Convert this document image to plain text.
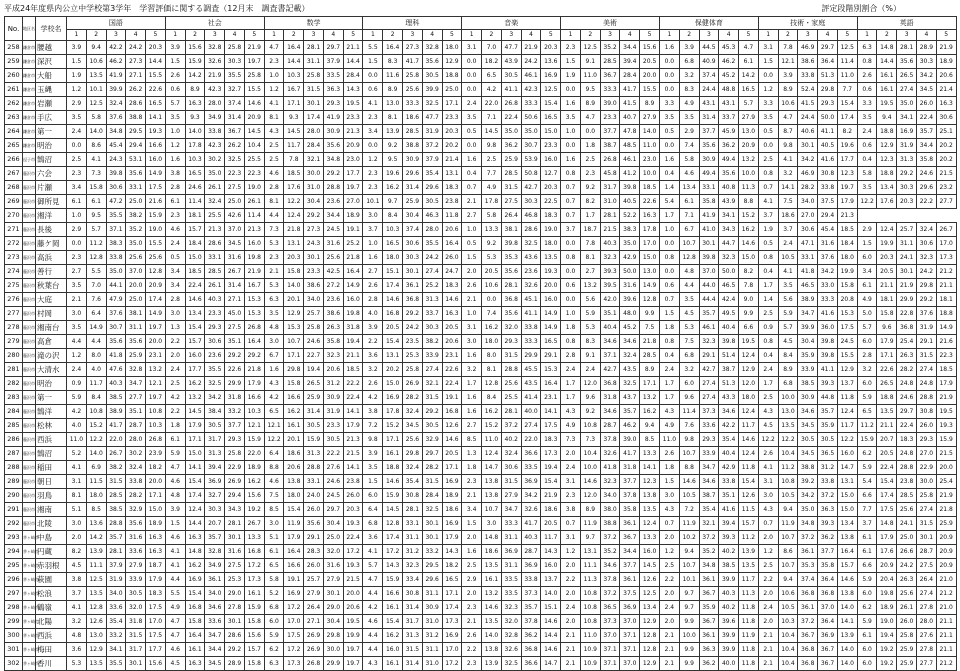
平成24年度県内公立中学校第3学年　学習評価に関する調査（12月末　調査書記載）	評定段階別割合（%）
No.	地区名	学校名	国語					社会					数学					理科					音楽					美術					保健体育					技術・家庭					英語				
			1	2	3	4	5	1	2	3	4	5	1	2	3	4	5	1	2	3	4	5	1	2	3	4	5	1	2	3	4	5	1	2	3	4	5	1	2	3	4	5	1	2	3	4	5
258	鎌倉市	腰越	3.9	9.4	42.2	24.2	20.3	3.9	15.6	32.8	25.8	21.9	4.7	16.4	28.1	29.7	21.1	5.5	16.4	27.3	32.8	18.0	3.1	7.0	47.7	21.9	20.3	2.3	12.5	35.2	34.4	15.6	1.6	3.9	44.5	45.3	4.7	3.1	7.8	46.9	29.7	12.5	6.3	14.8	28.1	28.9	21.9
259	鎌倉市	深沢	1.5	10.6	46.2	27.3	14.4	1.5	15.9	32.6	30.3	19.7	2.3	14.4	31.1	37.9	14.4	1.5	8.3	41.7	35.6	12.9	0.0	18.2	43.9	24.2	13.6	1.5	9.1	28.5	39.4	20.5	0.0	6.8	40.9	46.2	6.1	1.5	12.1	38.6	36.4	11.4	0.8	14.4	35.6	30.3	18.9
260	鎌倉市	大船	1.9	13.5	41.9	27.1	15.5	2.6	14.2	21.9	35.5	25.8	1.0	10.3	25.8	33.5	28.4	0.0	11.6	25.8	30.5	18.8	0.0	6.5	30.5	46.1	16.9	1.9	11.0	36.7	28.4	20.0	0.0	3.2	37.4	45.2	14.2	0.0	3.9	33.8	51.3	11.0	2.6	16.1	26.5	34.2	20.6
261	鎌倉市	玉縄	1.2	10.1	39.9	26.2	22.6	0.6	8.9	42.3	32.7	15.5	1.2	16.7	31.5	36.3	14.3	0.6	8.9	25.6	39.9	25.0	0.0	4.2	41.1	42.3	12.5	0.0	9.5	33.3	41.7	15.5	0.0	8.3	24.4	48.8	16.5	1.2	8.9	52.4	29.8	7.7	0.6	16.1	27.4	34.5	21.4
262	鎌倉市	岩瀬	2.9	12.5	32.4	28.6	16.5	5.7	16.3	28.0	37.4	14.6	4.1	17.1	30.1	29.3	19.5	4.1	13.0	33.3	32.5	17.1	2.4	22.0	26.8	33.3	15.4	1.6	8.9	39.0	41.5	8.9	3.3	4.9	43.1	43.1	5.7	3.3	10.6	41.5	29.3	15.4	3.3	19.5	35.0	26.0	16.3
263	鎌倉市	手広	3.5	5.8	37.6	38.8	14.1	3.5	9.3	34.9	31.4	20.9	8.1	9.3	17.4	41.9	23.3	2.3	8.1	18.6	47.7	23.3	3.5	7.1	22.4	50.6	16.5	3.5	4.7	23.3	40.7	27.9	3.5	3.5	31.4	33.7	27.9	3.5	4.7	24.4	50.0	17.4	3.5	9.4	34.1	22.4	30.6
264	鎌倉市	第一	2.4	14.0	34.8	29.5	19.3	1.0	14.0	33.8	36.7	14.5	4.3	14.5	28.0	30.9	21.3	3.4	13.9	28.5	31.9	20.3	0.5	14.5	35.0	35.0	15.0	1.0	0.0	37.7	47.8	14.0	0.5	2.9	37.7	45.9	13.0	0.5	8.7	40.6	41.1	8.2	2.4	18.8	16.9	35.7	25.1
265	鎌倉市	明治	0.0	8.6	45.4	29.4	16.6	1.2	17.8	42.3	26.2	10.4	2.5	11.7	28.4	35.6	20.9	0.0	9.2	38.8	37.2	20.2	0.0	9.8	36.2	30.7	23.3	0.0	1.8	38.7	48.5	11.0	0.0	7.4	35.6	36.2	20.9	0.0	9.8	30.1	40.5	19.6	0.6	12.9	31.9	34.4	20.2
266	逗子市	鵠沼	2.5	4.1	24.3	53.1	16.0	1.6	10.3	30.2	32.5	25.5	2.5	7.8	32.1	34.8	23.0	1.2	9.5	30.9	37.9	21.4	1.6	2.5	25.9	53.9	16.0	1.6	2.5	26.8	46.1	23.0	1.6	5.8	30.9	49.4	13.2	2.5	4.1	34.2	41.6	17.7	0.4	12.3	31.3	35.8	20.2
267	藤沢市	六会	2.3	7.3	39.8	35.6	14.9	3.8	16.5	35.0	22.3	22.3	4.6	18.5	30.0	29.2	17.7	2.3	19.6	29.6	35.4	13.1	0.4	7.7	28.5	50.8	12.7	0.8	2.3	45.8	41.2	10.0	0.4	4.6	49.4	35.6	10.0	0.8	3.2	46.9	30.8	12.3	5.8	18.8	29.2	24.6	21.5
268	藤沢市	片瀬	3.4	15.8	30.6	33.1	17.5	2.8	24.6	26.1	27.5	19.0	2.8	17.6	31.0	28.8	19.7	2.3	16.2	31.4	29.6	18.3	0.7	4.9	31.5	42.7	20.3	0.7	9.2	31.7	39.8	18.5	1.4	13.4	33.1	40.8	11.3	0.7	14.1	28.2	33.8	19.7	3.5	13.4	30.3	29.6	23.2
269	藤沢市	御所見	6.1	6.1	47.2	25.0	21.6	6.1	11.4	32.4	25.0	26.1	8.1	12.2	30.4	23.6	27.0	10.1	9.7	25.9	30.5	23.8	2.1	17.8	27.5	30.3	22.5	0.7	8.2	31.0	40.5	22.6	5.4	6.1	35.8	43.9	8.8	4.1	7.5	34.0	37.5	17.9	12.2	17.6	20.3	22.2	27.7
270	藤沢市	湘洋	1.0	9.5	35.5	38.2	15.9	2.3	18.1	25.5	42.6	11.4	4.4	12.4	29.2	34.4	18.9	3.0	8.4	30.4	46.3	11.8	2.7	5.8	26.4	46.8	18.3	0.7	1.7	28.1	52.2	16.3	1.7	7.1	41.9	34.1	15.2	3.7	18.6	27.0	29.4	21.3					
271	藤沢市	長後	2.9	5.7	37.1	35.2	19.0	4.6	15.7	21.3	37.0	21.3	7.3	21.8	27.3	24.5	19.1	3.7	10.3	37.4	28.0	20.6	1.0	13.3	38.1	28.6	19.0	3.7	18.7	21.5	38.3	17.8	1.0	6.7	41.0	34.3	16.2	1.9	3.7	30.6	45.4	18.5	2.9	12.4	25.7	32.4	26.7
272	藤沢市	藤ケ岡	0.0	11.2	38.3	35.0	15.5	2.4	18.4	28.6	34.5	16.0	5.3	13.1	24.3	31.6	25.2	1.0	16.5	30.6	35.5	16.4	0.5	9.2	39.8	32.5	18.0	0.0	7.8	40.3	35.0	17.0	0.0	10.7	30.1	44.7	14.6	0.5	2.4	47.1	31.6	18.4	1.5	19.9	31.1	30.6	17.0
273	藤沢市	高浜	2.3	12.8	33.8	25.6	25.6	0.5	15.0	33.1	31.6	19.8	2.3	20.3	30.1	25.6	21.8	1.6	18.0	30.3	24.2	26.0	1.5	5.3	35.3	43.6	13.5	0.8	8.1	32.3	42.9	15.0	0.8	12.8	39.8	32.3	15.0	0.8	10.5	33.1	37.6	18.0	6.0	20.3	24.1	32.3	17.3
274	藤沢市	善行	2.7	5.5	35.0	37.0	12.8	3.4	18.5	28.5	26.7	21.9	2.1	15.8	23.3	42.5	16.4	2.7	15.1	30.1	27.4	24.7	2.0	20.5	35.6	23.6	19.3	0.0	2.7	39.3	50.0	13.0	0.0	4.8	37.0	50.0	8.2	0.4	4.1	41.8	34.2	19.9	3.4	20.5	30.1	24.2	21.2
275	藤沢市	秋葉台	3.5	7.0	44.1	20.0	20.9	3.4	22.4	26.1	31.4	16.7	5.3	14.0	38.6	27.2	14.9	2.6	17.4	36.1	25.2	18.3	2.6	10.6	28.1	32.6	20.0	0.6	13.2	39.5	31.6	14.9	0.6	4.4	44.0	46.5	7.8	1.7	3.5	46.5	33.0	15.8	6.1	21.1	21.9	29.8	21.1
276	藤沢市	大庭	2.1	7.6	47.9	25.0	17.4	2.8	14.6	40.3	27.1	15.3	6.3	20.1	34.0	23.6	16.0	2.8	14.6	36.8	31.3	14.6	2.1	0.0	36.8	45.1	16.0	0.0	5.6	42.0	39.6	12.8	0.7	3.5	44.4	42.4	9.0	1.4	5.6	38.9	33.3	20.8	4.9	18.1	29.9	29.2	18.1
277	藤沢市	村岡	3.0	6.4	37.6	38.1	14.9	3.0	13.4	23.3	45.0	15.3	3.5	12.9	25.7	38.6	19.8	4.0	16.8	29.2	33.7	16.3	1.0	7.4	35.6	41.1	14.9	1.0	5.9	35.1	48.0	9.9	1.5	4.5	35.7	49.5	9.9	2.5	5.9	34.7	41.6	15.3	5.0	15.8	22.8	37.6	18.8
278	藤沢市	湘南台	3.5	14.9	30.7	31.1	19.7	1.3	15.4	29.3	27.5	26.8	4.8	15.3	25.8	26.3	31.8	3.9	20.5	24.2	30.3	20.5	3.1	16.2	32.0	33.8	14.9	1.8	5.3	40.4	45.2	7.5	1.8	5.3	46.1	40.4	6.6	0.9	5.7	39.9	36.0	17.5	5.7	9.6	36.8	31.9	14.9
279	藤沢市	高倉	4.4	4.4	35.6	35.6	20.0	2.2	15.7	30.6	35.1	16.4	3.0	10.7	24.6	35.8	19.4	2.2	15.4	23.5	38.2	20.6	3.0	18.0	29.3	33.3	16.5	0.8	8.3	34.6	34.6	21.8	0.8	7.5	32.3	39.8	19.5	0.8	4.5	30.4	39.8	24.5	6.0	17.9	25.4	29.1	21.6
280	藤沢市	滝の沢	1.2	8.0	41.8	25.9	23.1	2.0	16.0	23.6	29.2	29.2	6.7	17.1	22.7	32.3	21.1	3.6	13.1	25.3	33.9	23.1	1.6	8.0	31.5	29.9	29.1	2.8	9.1	37.1	32.4	28.5	0.4	6.8	29.1	51.4	12.4	0.4	8.4	35.9	39.8	15.5	2.8	17.1	26.3	31.5	22.3
281	藤沢市	大清水	2.4	4.0	47.6	32.8	13.2	2.4	17.7	35.5	22.6	21.8	1.6	29.8	19.4	20.6	18.5	3.2	20.2	25.8	27.4	22.6	3.2	8.1	28.8	45.5	15.3	2.4	2.4	42.7	43.5	8.9	2.4	3.2	42.7	38.7	12.9	2.4	8.9	33.9	41.1	12.9	3.2	22.6	28.2	27.4	18.5
282	藤沢市	明治	0.9	11.7	40.3	34.7	12.1	2.5	16.2	32.5	29.9	17.9	4.3	15.8	26.5	31.2	22.2	2.6	15.0	26.9	32.1	22.4	1.7	12.8	25.6	43.5	16.4	1.7	12.0	36.8	32.5	17.1	1.7	6.0	27.4	51.3	12.0	1.7	6.8	38.5	39.3	13.7	6.0	26.5	24.8	24.8	17.9
283	藤沢市	第一	5.9	8.4	38.5	27.7	19.7	4.2	13.2	34.2	31.8	16.6	4.2	16.6	25.9	30.9	22.4	4.2	16.9	28.2	31.5	19.1	1.6	8.4	25.5	41.4	23.1	1.7	9.6	31.8	43.7	13.2	1.7	9.6	27.4	43.3	18.0	2.5	10.0	30.9	44.8	11.8	5.9	18.8	24.6	28.8	21.9
284	藤沢市	鵠洋	4.2	10.8	38.9	35.1	10.8	2.2	14.5	38.4	33.2	10.3	6.5	16.2	31.4	31.9	14.1	3.8	17.8	32.4	29.2	16.8	1.6	16.2	28.1	40.0	14.1	4.3	9.2	34.6	35.7	16.2	4.3	11.4	37.3	34.6	12.4	4.3	13.0	34.6	35.7	12.4	6.5	13.5	29.7	30.8	19.5
285	藤沢市	松林	4.0	15.2	41.7	28.7	10.3	1.8	17.9	30.5	37.7	12.1	12.1	16.1	30.5	23.3	17.9	7.2	15.2	34.5	30.5	12.6	2.7	15.2	37.2	27.4	17.5	4.9	10.8	28.7	46.2	9.4	4.9	7.6	33.6	42.2	11.7	4.5	13.5	34.5	35.9	11.7	11.2	21.1	22.4	26.0	19.3
286	藤沢市	西浜	11.0	12.2	22.0	28.0	26.8	6.1	17.1	31.7	29.3	15.9	12.2	20.1	15.9	30.5	21.3	9.8	17.1	25.6	32.9	14.6	8.5	11.0	40.2	22.0	18.3	7.3	7.3	37.8	39.0	8.5	11.0	9.8	29.3	35.4	14.6	12.2	12.2	30.5	30.5	12.2	15.9	20.7	18.3	29.3	15.9
287	藤沢市	鵠沼	5.2	14.0	26.7	30.2	23.9	5.9	15.0	31.3	25.8	22.0	6.4	18.6	31.3	22.2	21.5	3.9	16.1	29.8	29.7	20.5	1.3	12.4	32.4	36.6	17.3	2.0	10.4	32.6	41.7	13.3	2.6	10.7	33.9	40.4	12.4	2.6	10.4	34.5	36.5	16.0	6.2	20.5	24.8	27.0	21.5
288	藤沢市	稲田	4.1	6.9	38.2	32.4	18.2	4.7	14.1	39.4	22.9	18.9	8.8	20.6	28.8	27.6	14.1	3.5	18.8	32.4	28.2	17.1	1.8	14.7	30.6	33.5	19.4	2.4	10.0	41.8	31.8	14.1	1.8	8.8	34.7	42.9	11.8	4.1	11.2	38.8	31.2	14.7	5.9	22.4	28.8	22.9	20.0
289	藤沢市	朝日	3.1	11.5	31.5	33.8	20.0	4.6	15.4	36.9	26.9	16.2	4.6	13.8	33.1	24.6	23.8	1.5	14.6	35.4	31.5	16.9	2.3	13.8	31.5	36.9	15.4	3.1	14.6	32.3	37.7	12.3	1.5	14.6	34.6	33.8	15.4	3.1	10.8	39.2	33.8	13.1	5.4	15.4	23.8	30.0	25.4
290	藤沢市	羽鳥	8.1	18.0	28.5	28.2	17.1	4.8	17.4	32.7	29.4	15.6	7.5	18.0	24.0	24.5	26.0	6.0	15.9	30.8	28.4	18.9	2.1	13.8	27.9	34.2	21.9	2.3	12.0	34.0	37.8	13.8	3.0	10.5	38.7	35.1	12.6	3.0	10.5	34.2	37.2	15.0	6.6	17.4	28.5	25.8	21.9
291	藤沢市	湘南	5.1	8.5	38.5	32.9	15.0	3.9	12.4	30.3	34.3	19.2	8.5	15.4	26.0	29.7	20.3	6.4	14.5	28.1	32.5	18.6	3.4	10.7	34.7	32.6	18.6	3.8	8.9	38.0	35.8	13.5	4.3	7.2	35.4	41.6	11.5	4.3	9.4	35.0	36.3	15.0	7.7	17.5	25.6	27.4	21.8
292	藤沢市	北陵	3.0	13.6	28.8	35.6	18.9	1.5	14.4	20.7	28.1	26.7	3.0	11.9	35.6	30.4	19.3	6.8	12.8	33.1	30.1	16.9	1.5	3.0	33.3	41.7	20.5	0.7	11.9	38.8	36.1	12.4	0.7	11.9	32.1	39.4	15.7	0.7	11.9	34.8	39.3	13.4	3.7	14.8	24.1	31.5	25.9
293	茅ヶ崎市	中島	2.0	14.2	35.7	31.6	16.3	4.6	16.3	35.7	30.1	13.3	5.1	17.9	29.1	25.0	22.4	3.6	17.4	31.1	30.1	17.9	2.0	14.8	31.1	40.3	11.7	3.1	9.7	37.2	36.7	13.3	2.0	10.2	37.2	39.3	11.2	2.0	10.7	37.2	36.2	13.8	6.1	17.9	25.0	30.1	20.9
294	茅ヶ崎市	円蔵	8.2	13.9	28.1	33.6	16.3	4.1	14.8	32.8	31.6	16.8	6.1	16.4	28.3	32.0	17.2	4.1	17.2	31.2	33.2	14.3	1.6	18.6	36.9	28.7	14.3	1.2	13.1	35.2	34.4	16.0	1.2	9.4	35.2	40.2	13.9	1.2	8.6	36.1	37.7	16.4	6.1	17.6	26.6	28.7	20.9
295	茅ヶ崎市	赤羽根	4.5	11.1	37.9	27.9	18.7	4.1	16.2	34.9	27.5	17.2	6.5	16.6	26.0	31.6	19.3	5.7	14.3	32.3	29.5	18.2	2.5	13.5	31.1	36.9	16.0	2.0	11.1	34.6	37.7	14.5	2.5	10.7	34.8	38.5	13.5	2.5	10.7	35.3	35.8	15.7	6.6	20.9	24.2	27.5	20.9
296	茅ヶ崎市	萩園	3.8	12.5	31.9	33.9	17.9	4.4	16.9	36.1	25.3	17.3	5.8	19.1	25.7	27.9	21.5	4.7	15.9	33.4	29.6	16.5	2.9	16.1	33.5	33.8	13.7	2.2	11.3	37.8	36.1	12.6	2.2	10.1	36.1	39.9	11.7	2.2	9.4	37.4	36.4	14.6	5.9	20.4	26.3	26.4	21.0
297	茅ヶ崎市	松浪	3.7	13.5	34.0	30.5	18.3	5.5	15.4	34.0	29.0	16.1	5.2	16.9	27.9	30.1	20.0	4.4	16.6	30.8	31.1	17.1	2.0	13.2	33.5	37.3	14.0	2.0	10.8	37.2	37.5	12.5	2.0	9.7	36.7	40.3	11.3	2.0	10.6	36.8	36.8	13.8	6.0	19.8	25.6	27.4	21.2
298	茅ヶ崎市	鶴嶺	4.1	12.8	33.6	32.0	17.5	4.9	16.8	34.6	27.8	15.9	6.8	17.2	26.4	29.0	20.6	4.2	16.1	31.4	30.9	17.4	2.3	14.6	32.3	35.7	15.1	2.4	10.8	36.5	36.9	13.4	2.4	9.7	35.9	40.2	11.8	2.4	10.5	36.1	37.0	14.0	6.2	18.9	26.1	27.8	21.0
299	茅ヶ崎市	北陽	3.2	12.6	35.4	31.8	17.0	4.7	15.8	33.6	30.1	15.8	6.0	17.0	27.1	30.4	19.5	4.6	15.4	31.7	31.0	17.3	2.1	13.5	32.0	37.8	14.6	2.0	10.8	37.3	37.0	12.9	2.0	9.9	36.7	39.6	11.8	2.0	10.3	37.2	36.4	14.1	5.9	19.0	26.0	28.0	21.1
300	茅ヶ崎市	西浜	4.8	13.0	33.2	31.5	17.5	4.7	16.4	34.7	28.6	15.6	5.9	17.5	26.9	29.8	19.9	4.4	16.2	31.3	31.2	16.9	2.6	14.0	32.8	36.2	14.4	2.1	11.0	37.0	37.1	12.8	2.1	10.0	36.1	39.9	11.9	2.1	10.4	36.7	36.9	13.9	6.1	19.4	25.8	27.6	21.1
301	茅ヶ崎市	梅田	3.6	12.9	34.1	31.7	17.7	4.6	16.1	34.4	29.2	15.7	6.2	17.2	26.9	30.0	19.7	4.4	16.0	31.5	31.1	17.0	2.2	13.8	32.6	36.8	14.6	2.1	10.9	37.1	37.1	12.8	2.1	9.9	36.3	39.9	11.8	2.1	10.4	36.8	36.7	14.0	6.0	19.2	25.9	27.8	21.1
302	茅ヶ崎市	香川	5.3	13.5	35.5	30.1	15.6	4.5	16.3	34.5	28.9	15.8	6.3	17.3	26.8	29.9	19.7	4.3	16.1	31.4	31.0	17.2	2.3	13.9	32.5	36.6	14.7	2.1	10.9	37.1	37.0	12.9	2.1	9.9	36.2	40.0	11.8	2.1	10.4	36.8	36.7	14.0	6.0	19.2	25.9	27.7	21.2
